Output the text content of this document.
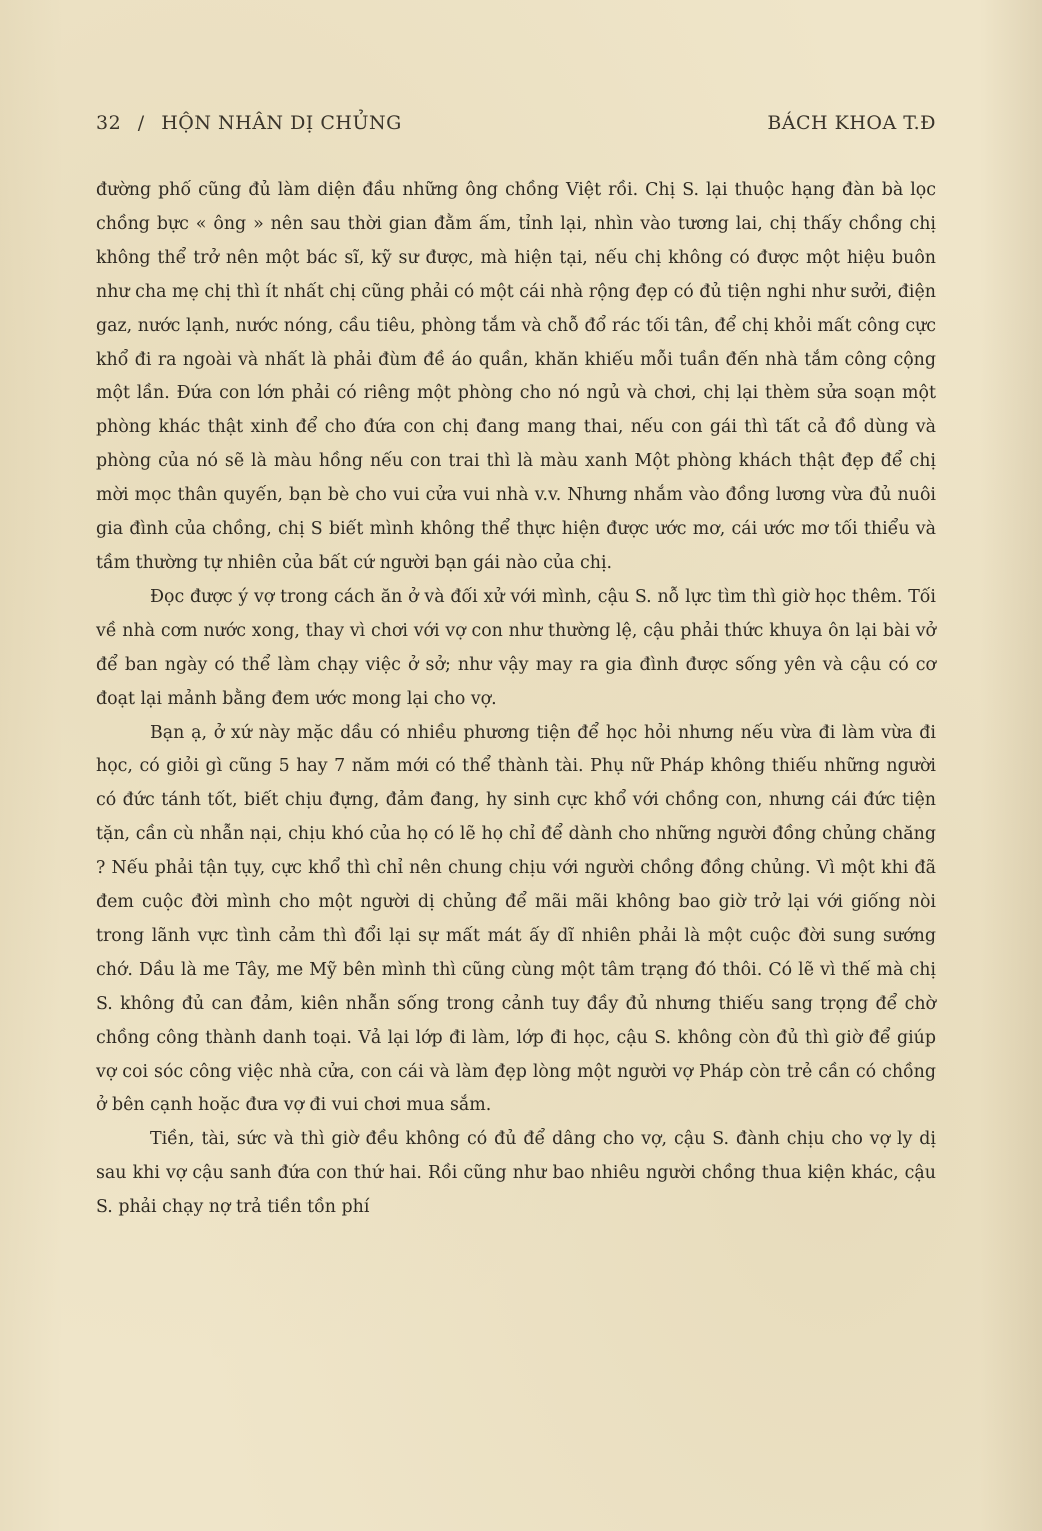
32 / HỘN NHÂN DỊ CHỦNG	BÁCH KHOA T.Đ

đường phố cũng đủ làm diện đầu những ông chồng Việt rồi. Chị S. lại thuộc hạng đàn bà lọc chồng bực « ông » nên sau thời gian đằm ấm, tỉnh lại, nhìn vào tương lai, chị thấy chồng chị không thể trở nên một bác sĩ, kỹ sư được, mà hiện tại, nếu chị không có được một hiệu buôn như cha mẹ chị thì ít nhất chị cũng phải có một cái nhà rộng đẹp có đủ tiện nghi như sưởi, điện gaz, nước lạnh, nước nóng, cầu tiêu, phòng tắm và chỗ đổ rác tối tân, để chị khỏi mất công cực khổ đi ra ngoài và nhất là phải đùm đề áo quần, khăn khiếu mỗi tuần đến nhà tắm công cộng một lần. Đứa con lớn phải có riêng một phòng cho nó ngủ và chơi, chị lại thèm sửa soạn một phòng khác thật xinh để cho đứa con chị đang mang thai, nếu con gái thì tất cả đồ dùng và phòng của nó sẽ là màu hồng nếu con trai thì là màu xanh Một phòng khách thật đẹp để chị mời mọc thân quyến, bạn bè cho vui cửa vui nhà v.v. Nhưng nhắm vào đồng lương vừa đủ nuôi gia đình của chồng, chị S biết mình không thể thực hiện được ước mơ, cái ước mơ tối thiểu và tầm thường tự nhiên của bất cứ người bạn gái nào của chị.

Đọc được ý vợ trong cách ăn ở và đối xử với mình, cậu S. nỗ lực tìm thì giờ học thêm. Tối về nhà cơm nước xong, thay vì chơi với vợ con như thường lệ, cậu phải thức khuya ôn lại bài vở để ban ngày có thể làm chạy việc ở sở; như vậy may ra gia đình được sống yên và cậu có cơ đoạt lại mảnh bằng đem ước mong lại cho vợ.

Bạn ạ, ở xứ này mặc dầu có nhiều phương tiện để học hỏi nhưng nếu vừa đi làm vừa đi học, có giỏi gì cũng 5 hay 7 năm mới có thể thành tài. Phụ nữ Pháp không thiếu những người có đức tánh tốt, biết chịu đựng, đảm đang, hy sinh cực khổ với chồng con, nhưng cái đức tiện tặn, cần cù nhẫn nại, chịu khó của họ có lẽ họ chỉ để dành cho những người đồng chủng chăng ? Nếu phải tận tụy, cực khổ thì chỉ nên chung chịu với người chồng đồng chủng. Vì một khi đã đem cuộc đời mình cho một người dị chủng để mãi mãi không bao giờ trở lại với giống nòi trong lãnh vực tình cảm thì đổi lại sự mất mát ấy dĩ nhiên phải là một cuộc đời sung sướng chớ. Dầu là me Tây, me Mỹ bên mình thì cũng cùng một tâm trạng đó thôi. Có lẽ vì thế mà chị S. không đủ can đảm, kiên nhẫn sống trong cảnh tuy đầy đủ nhưng thiếu sang trọng để chờ chồng công thành danh toại. Vả lại lớp đi làm, lớp đi học, cậu S. không còn đủ thì giờ để giúp vợ coi sóc công việc nhà cửa, con cái và làm đẹp lòng một người vợ Pháp còn trẻ cần có chồng ở bên cạnh hoặc đưa vợ đi vui chơi mua sắm.

Tiền, tài, sức và thì giờ đều không có đủ để dâng cho vợ, cậu S. đành chịu cho vợ ly dị sau khi vợ cậu sanh đứa con thứ hai. Rồi cũng như bao nhiêu người chồng thua kiện khác, cậu S. phải chạy nợ trả tiền tồn phí
